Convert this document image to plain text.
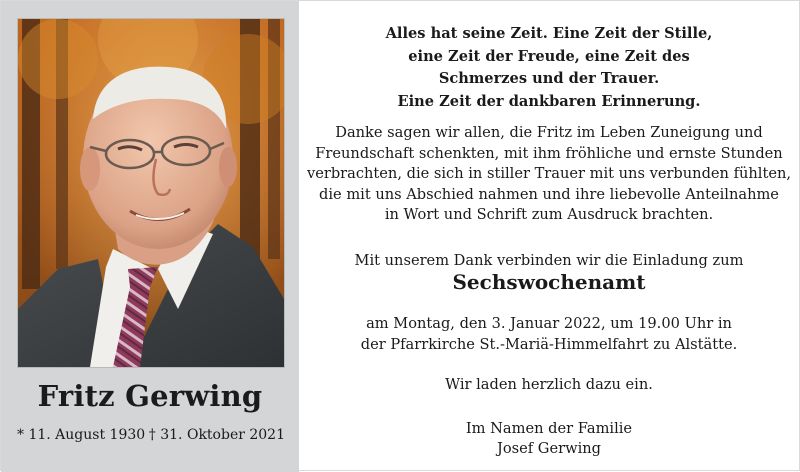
Fritz Gerwing
* 11. August 1930 † 31. Oktober 2021
Alles hat seine Zeit. Eine Zeit der Stille,
eine Zeit der Freude, eine Zeit des
Schmerzes und der Trauer.
Eine Zeit der dankbaren Erinnerung.
Danke sagen wir allen, die Fritz im Leben Zuneigung und
Freundschaft schenkten, mit ihm fröhliche und ernste Stunden
verbrachten, die sich in stiller Trauer mit uns verbunden fühlten,
die mit uns Abschied nahmen und ihre liebevolle Anteilnahme
in Wort und Schrift zum Ausdruck brachten.
Mit unserem Dank verbinden wir die Einladung zum
Sechswochenamt
am Montag, den 3. Januar 2022, um 19.00 Uhr in
der Pfarrkirche St.-Mariä-Himmelfahrt zu Alstätte.
Wir laden herzlich dazu ein.
Im Namen der Familie
Josef Gerwing
